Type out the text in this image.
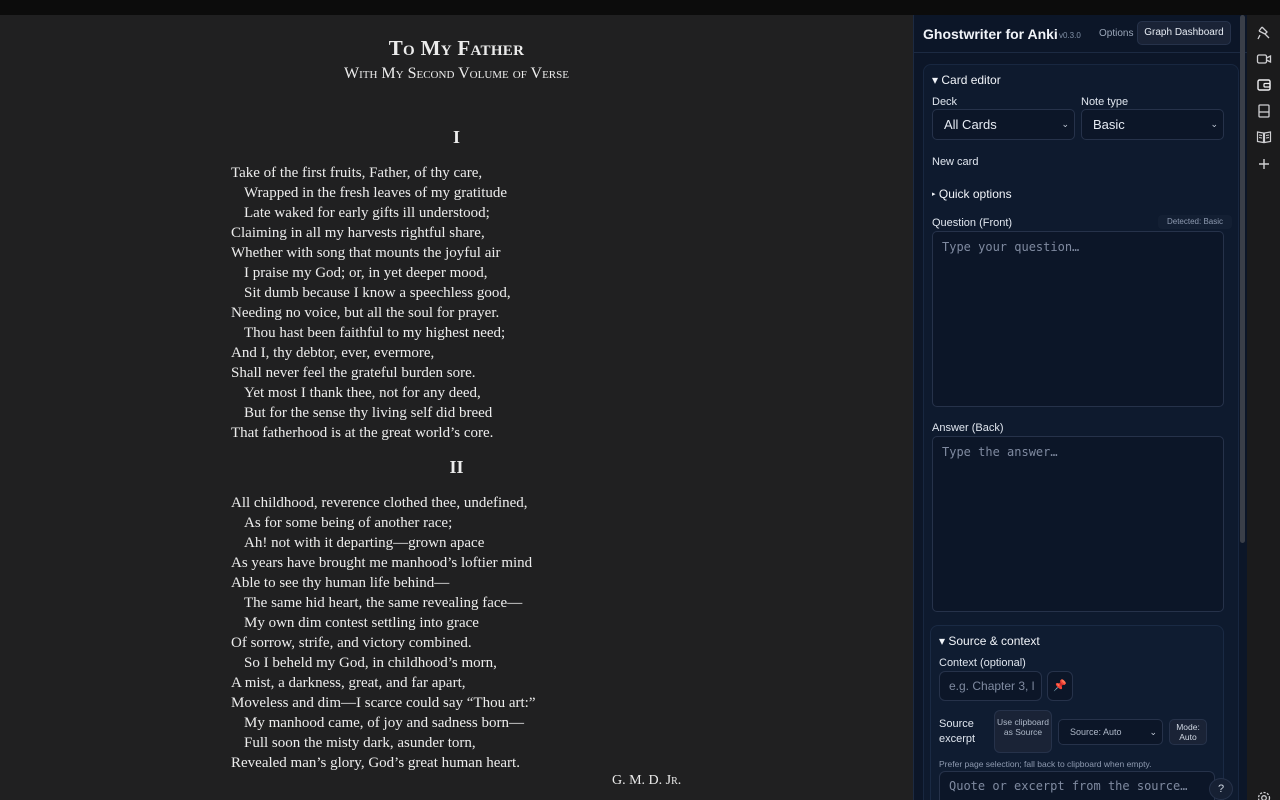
To My Father
With My Second Volume of Verse
I
Take of the first fruits, Father, of thy care,
Wrapped in the fresh leaves of my gratitude
Late waked for early gifts ill understood;
Claiming in all my harvests rightful share,
Whether with song that mounts the joyful air
I praise my God; or, in yet deeper mood,
Sit dumb because I know a speechless good,
Needing no voice, but all the soul for prayer.
Thou hast been faithful to my highest need;
And I, thy debtor, ever, evermore,
Shall never feel the grateful burden sore.
Yet most I thank thee, not for any deed,
But for the sense thy living self did breed
That fatherhood is at the great world’s core.
II
All childhood, reverence clothed thee, undefined,
As for some being of another race;
Ah! not with it departing—grown apace
As years have brought me manhood’s loftier mind
Able to see thy human life behind—
The same hid heart, the same revealing face—
My own dim contest settling into grace
Of sorrow, strife, and victory combined.
So I beheld my God, in childhood’s morn,
A mist, a darkness, great, and far apart,
Moveless and dim—I scarce could say “Thou art:”
My manhood came, of joy and sadness born—
Full soon the misty dark, asunder torn,
Revealed man’s glory, God’s great human heart.
G. M. D. Jr.
Ghostwriter for Anki v0.3.0 Options	Graph Dashboard
▾ Card editor
Deck
All Cards	⌄
Note type
Basic	⌄
New card
▸ Quick options
Question (Front)	Detected: Basic
Type your question…
Answer (Back)
Type the answer…
▾ Source & context
Context (optional)
e.g. Chapter 3, l	📌
Source excerpt
Use clipboard as Source	Source: Auto	⌄	Mode: Auto
Prefer page selection; fall back to clipboard when empty.
Quote or excerpt from the source…	?
